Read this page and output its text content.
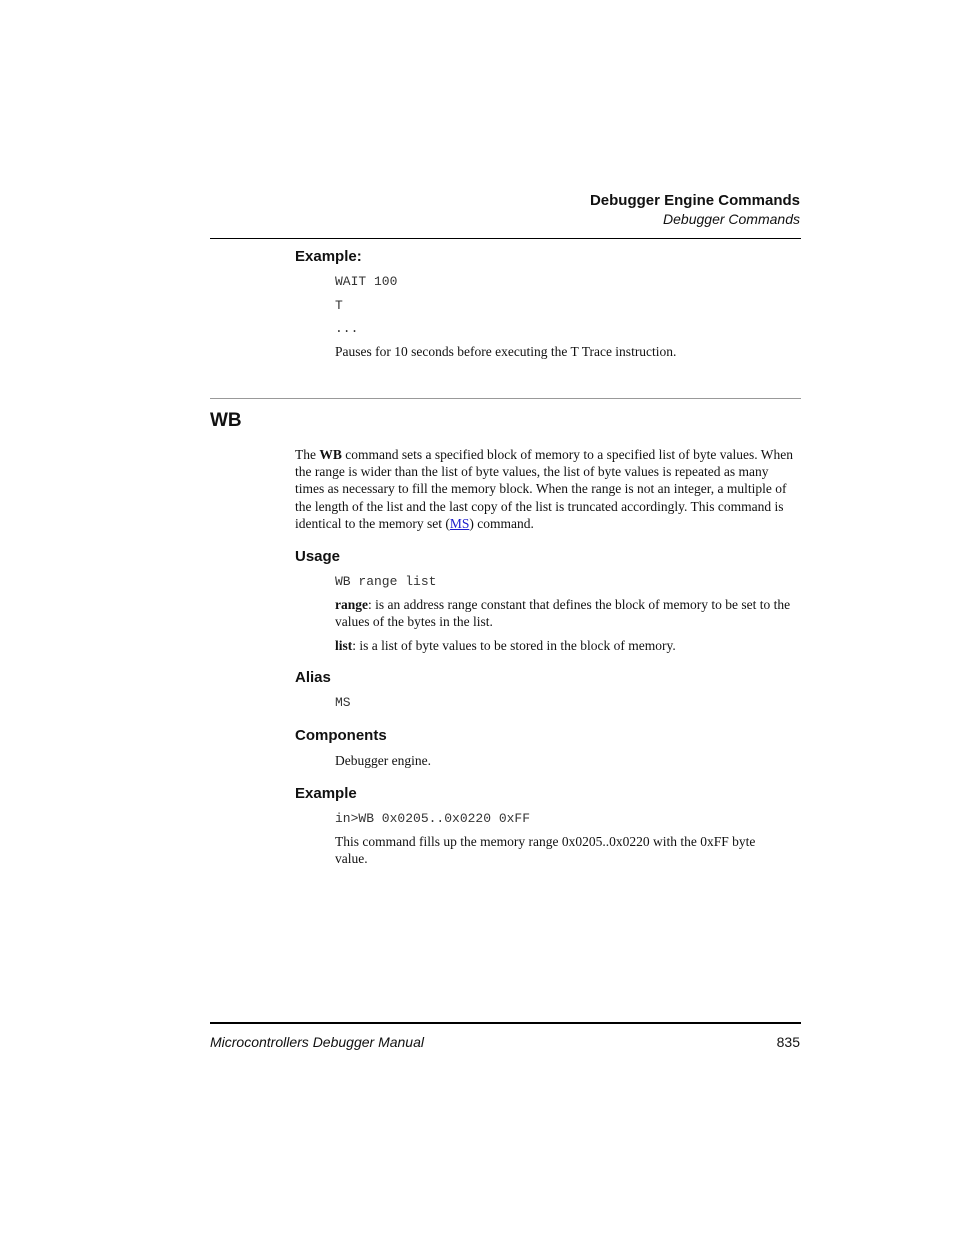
Debugger Engine Commands
Debugger Commands
Example:
WAIT 100
T
...
Pauses for 10 seconds before executing the T Trace instruction.
WB
The WB command sets a specified block of memory to a specified list of byte values. When the range is wider than the list of byte values, the list of byte values is repeated as many times as necessary to fill the memory block. When the range is not an integer, a multiple of the length of the list and the last copy of the list is truncated accordingly. This command is identical to the memory set (MS) command.
Usage
WB range list
range: is an address range constant that defines the block of memory to be set to the values of the bytes in the list.
list: is a list of byte values to be stored in the block of memory.
Alias
MS
Components
Debugger engine.
Example
in>WB 0x0205..0x0220 0xFF
This command fills up the memory range 0x0205..0x0220 with the 0xFF byte value.
Microcontrollers Debugger Manual	835
